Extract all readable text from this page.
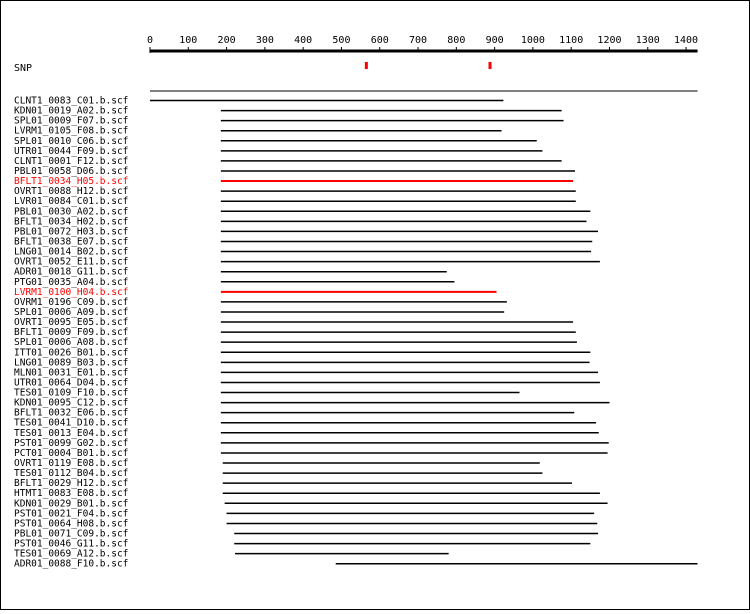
0	100 200 300 400 500 600 700 800 900 1000 1100 1200 1300 1400
SNP
CLNT1_0083_C01.b.scf
KDN01_0019_A02.b.scf
SPL01_0009_F07.b.scf
LVRM1_0105_F08.b.scf
SPL01_0010_C06.b.scf
UTR01_0044_F09.b.scf
CLNT1_0001_F12.b.scf
PBL01_0058_D06.b.scf
BFLT1_0034_H05.b.scf
OVRT1_0088_H12.b.scf
LVR01_0084_C01.b.scf
PBL01_0030_A02.b.scf
BFLT1_0034_H02.b.scf
PBL01_0072_H03.b.scf
BFLT1_0038_E07.b.scf
LNG01_0014_B02.b.scf
OVRT1_0052_E11.b.scf
ADR01_0018_G11.b.scf
PTG01_0035_A04.b.scf
LVRM1_0100_H04.b.scf
OVRM1_0196_C09.b.scf
SPL01_0006_A09.b.scf
OVRT1_0095_E05.b.scf
BFLT1_0009_F09.b.scf
SPL01_0006_A08.b.scf
ITT01_0026_B01.b.scf
LNG01_0089_B03.b.scf
MLN01_0031_E01.b.scf
UTR01_0064_D04.b.scf
TES01_0109_F10.b.scf
KDN01_0095_C12.b.scf
BFLT1_0032_E06.b.scf
TES01_0041_D10.b.scf
TES01_0013_E04.b.scf
PST01_0099_G02.b.scf
PCT01_0004_B01.b.scf
OVRT1_0119_E08.b.scf
TES01_0112_B04.b.scf
BFLT1_0029_H12.b.scf
HTMT1_0083_E08.b.scf
KDN01_0029_B01.b.scf
PST01_0021_F04.b.scf
PST01_0064_H08.b.scf
PBL01_0071_C09.b.scf
PST01_0046_G11.b.scf
TES01_0069_A12.b.scf
ADR01_0088_F10.b.scf
